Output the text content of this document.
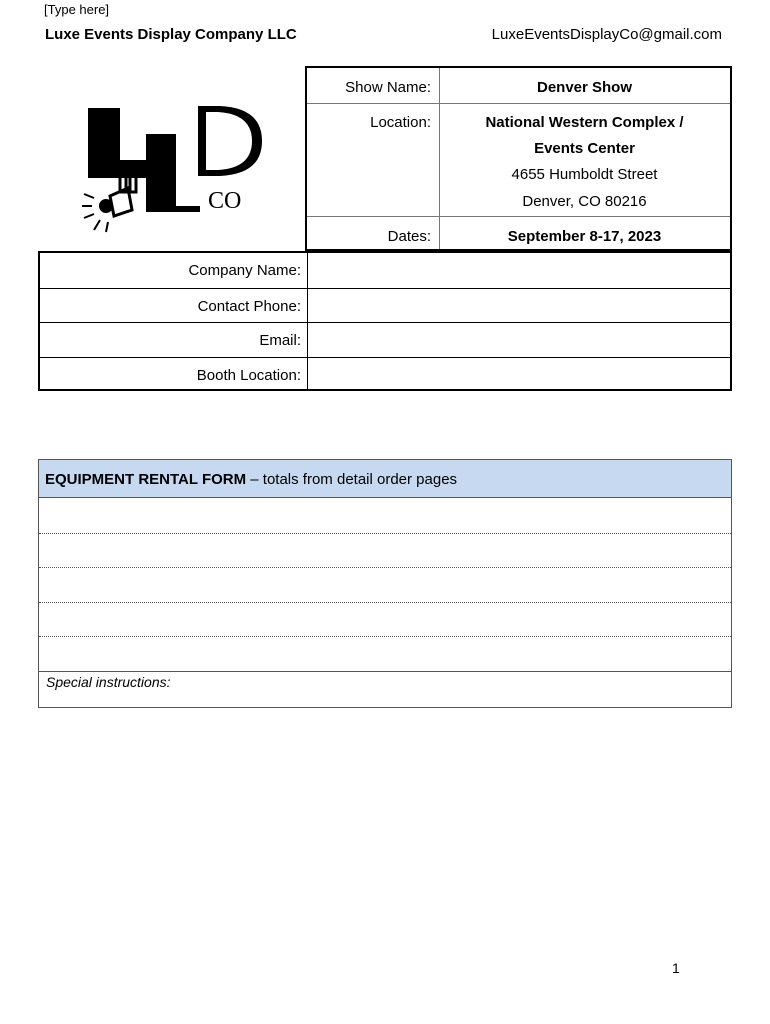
[Type here]
Luxe Events Display Company LLC	LuxeEventsDisplayCo@gmail.com
CO
Show Name:	Denver Show
Location:	National Western Complex /
Events Center
4655 Humboldt Street
Denver, CO 80216
Dates:	September 8-17, 2023
Company Name:
Contact Phone:
Email:
Booth Location:
EQUIPMENT RENTAL FORM – totals from detail order pages
Special instructions:
1
